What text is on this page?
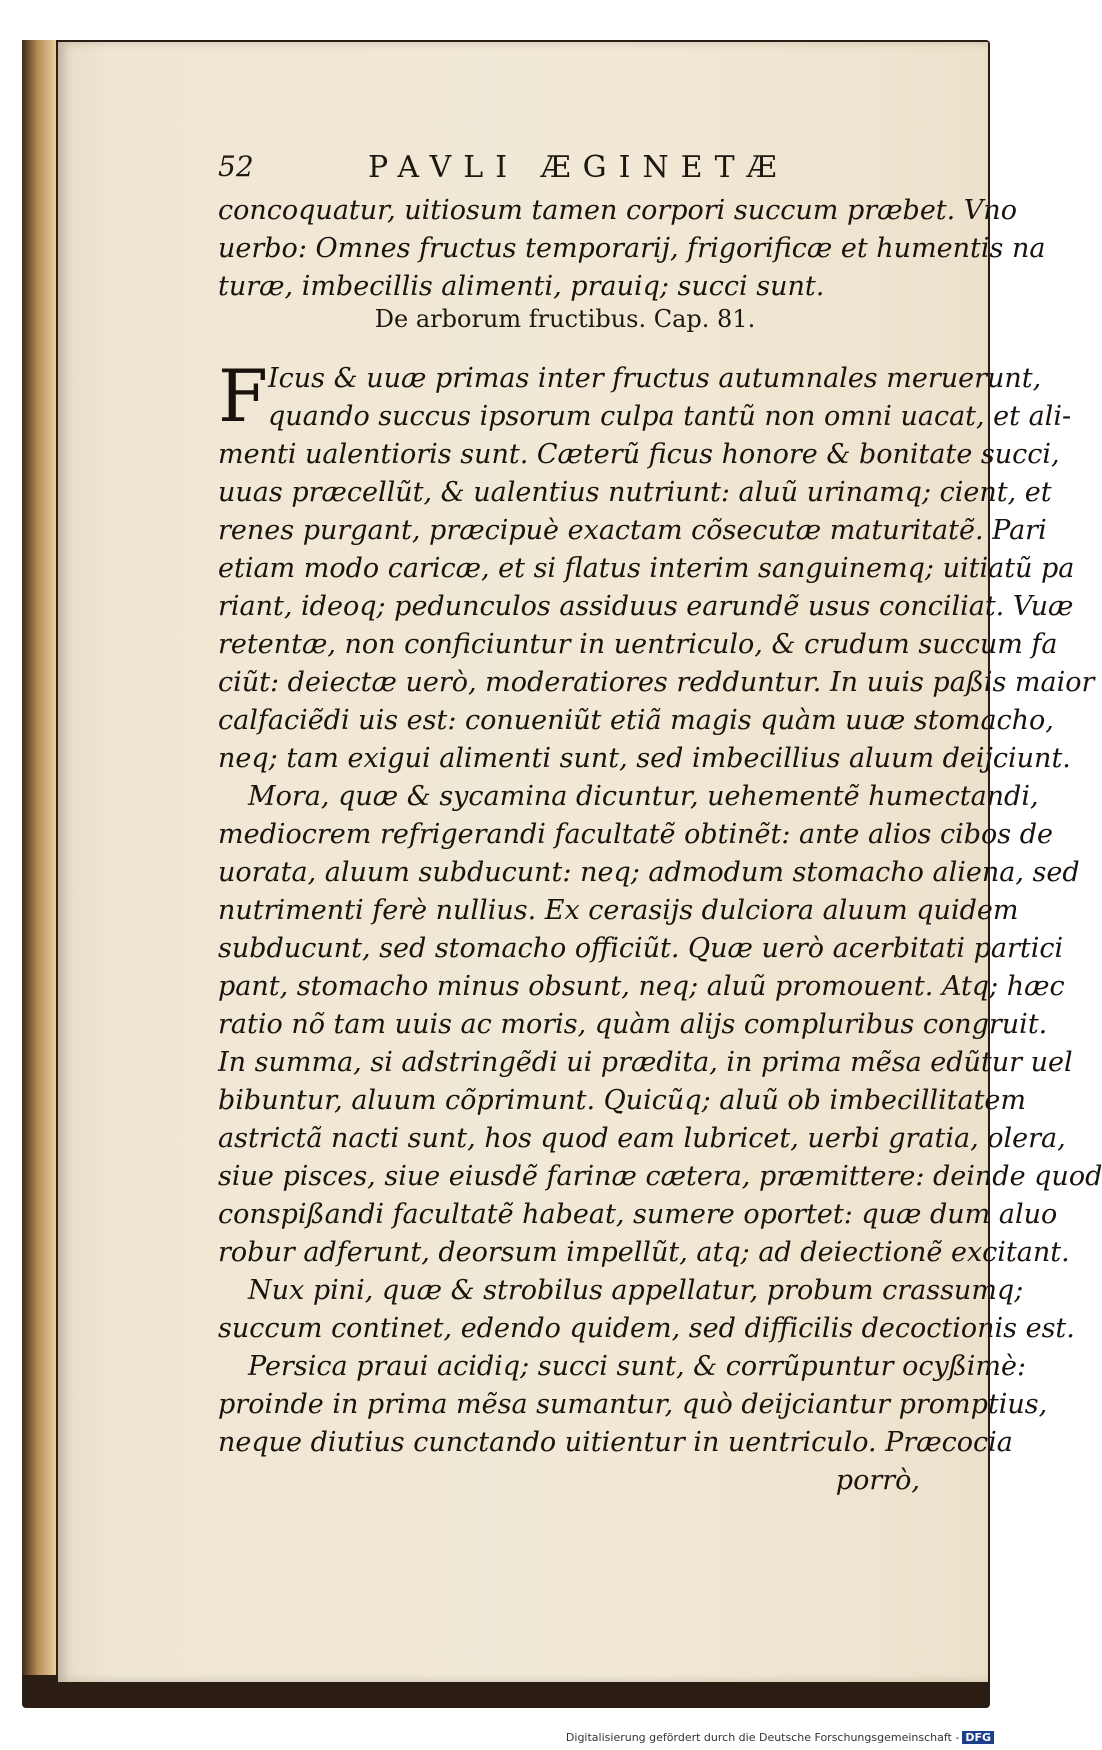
52	PAVLI ÆGINETÆ
concoquatur, uitiosum tamen corpori succum præbet. Vno
uerbo: Omnes fructus temporarij, frigorificæ et humentis na
turæ, imbecillis alimenti, prauiq; succi sunt.
De arborum fructibus. Cap. 81.
F Icus & uuæ primas inter fructus autumnales meruerunt,
quando succus ipsorum culpa tantũ non omni uacat, et ali-
menti ualentioris sunt. Cæterũ ficus honore & bonitate succi,
uuas præcellũt, & ualentius nutriunt: aluũ urinamq; cient, et
renes purgant, præcipuè exactam cõsecutæ maturitatẽ. Pari
etiam modo caricæ, et si flatus interim sanguinemq; uitiatũ pa
riant, ideoq; pedunculos assiduus earundẽ usus conciliat. Vuæ
retentæ, non conficiuntur in uentriculo, & crudum succum fa
ciũt: deiectæ uerò, moderatiores redduntur. In uuis paßis maior
calfaciẽdi uis est: conueniũt etiã magis quàm uuæ stomacho,
neq; tam exigui alimenti sunt, sed imbecillius aluum deijciunt.
Mora, quæ & sycamina dicuntur, uehementẽ humectandi,
mediocrem refrigerandi facultatẽ obtinẽt: ante alios cibos de
uorata, aluum subducunt: neq; admodum stomacho aliena, sed
nutrimenti ferè nullius. Ex cerasijs dulciora aluum quidem
subducunt, sed stomacho officiũt. Quæ uerò acerbitati partici
pant, stomacho minus obsunt, neq; aluũ promouent. Atq; hæc
ratio nõ tam uuis ac moris, quàm alijs compluribus congruit.
In summa, si adstringẽdi ui prædita, in prima mẽsa edũtur uel
bibuntur, aluum cõprimunt. Quicũq; aluũ ob imbecillitatem
astrictã nacti sunt, hos quod eam lubricet, uerbi gratia, olera,
siue pisces, siue eiusdẽ farinæ cætera, præmittere: deinde quod
conspißandi facultatẽ habeat, sumere oportet: quæ dum aluo
robur adferunt, deorsum impellũt, atq; ad deiectionẽ excitant.
Nux pini, quæ & strobilus appellatur, probum crassumq;
succum continet, edendo quidem, sed difficilis decoctionis est.
Persica praui acidiq; succi sunt, & corrũpuntur ocyßimè:
proinde in prima mẽsa sumantur, quò deijciantur promptius,
neque diutius cunctando uitientur in uentriculo. Præcocia
porrò,
Digitalisierung gefördert durch die Deutsche Forschungsgemeinschaft - DFG
